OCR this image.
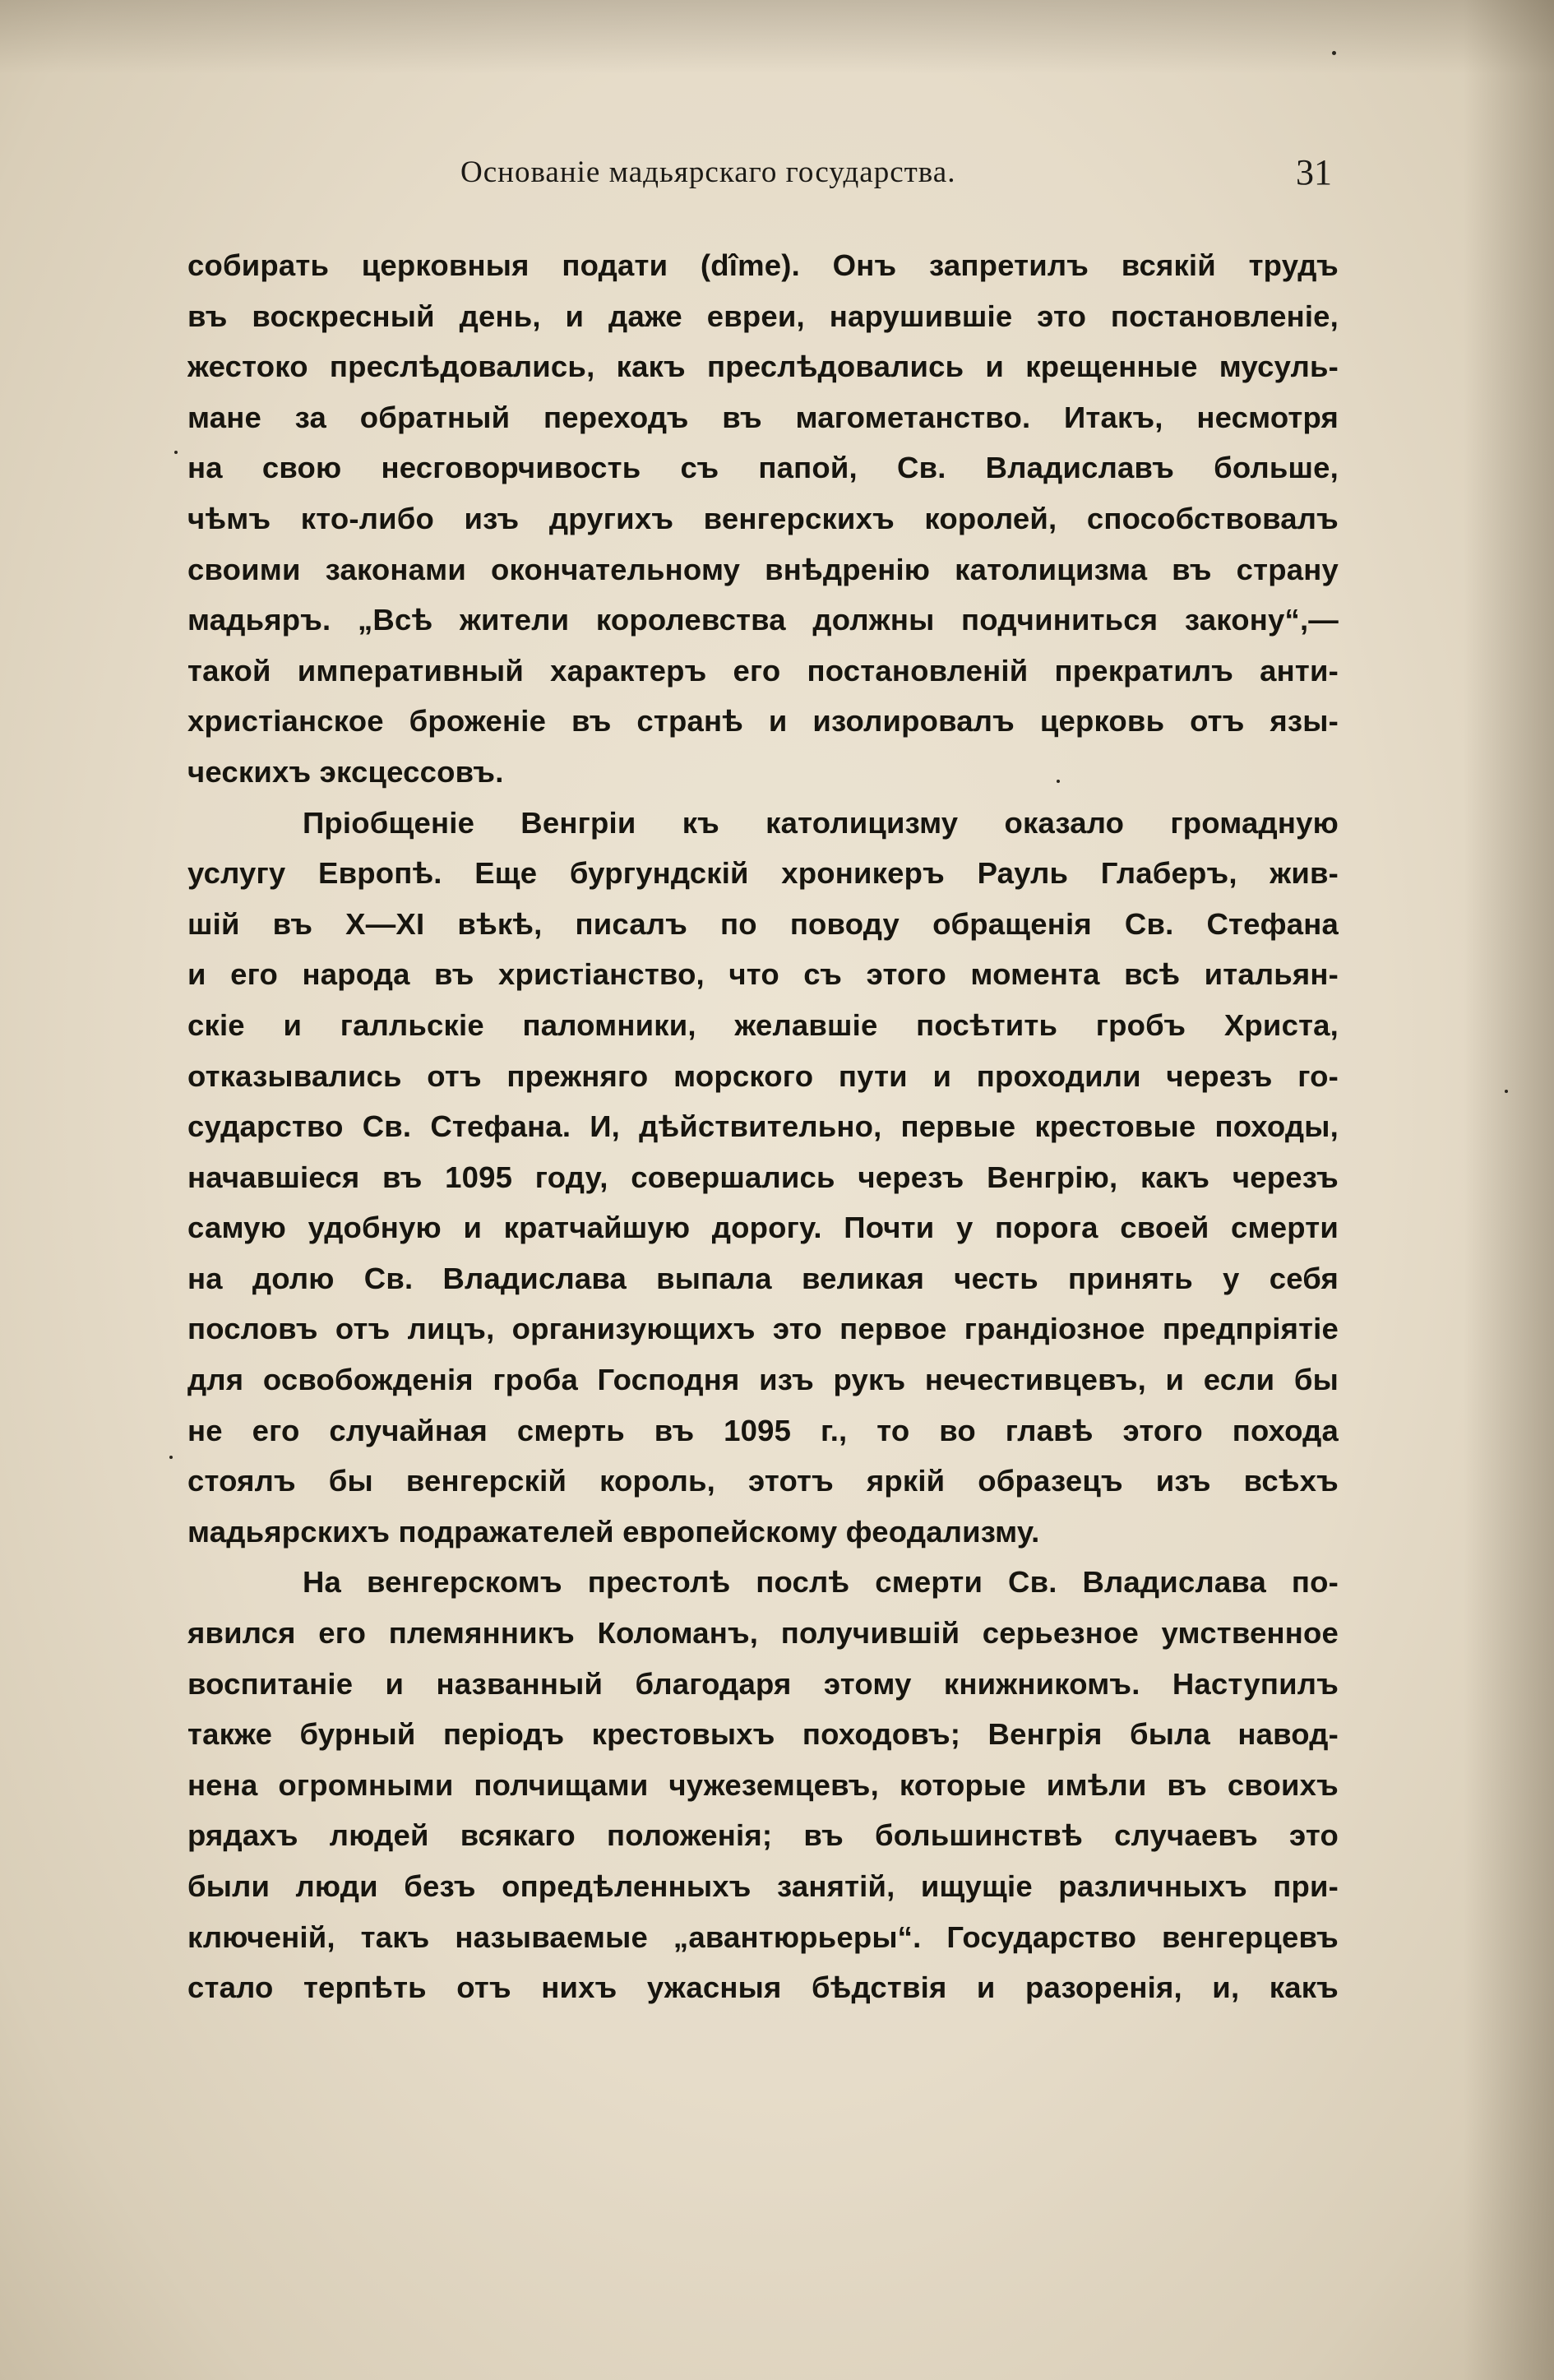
Основаніе мадьярскаго государства.	31
собирать церковныя подати (dîme). Онъ запретилъ всякій трудъ
въ воскресный день, и даже евреи, нарушившіе это постановленіе,
жестоко преслѣдовались, какъ преслѣдовались и крещенные мусуль-
мане за обратный переходъ въ магометанство. Итакъ, несмотря
на свою несговорчивость съ папой, Св. Владиславъ больше,
чѣмъ кто-либо изъ другихъ венгерскихъ королей, способствовалъ
своими законами окончательному внѣдренію католицизма въ страну
мадьяръ. „Всѣ жители королевства должны подчиниться закону“,—
такой императивный характеръ его постановленій прекратилъ анти-
христіанское броженіе въ странѣ и изолировалъ церковь отъ язы-
ческихъ эксцессовъ.
Пріобщеніе Венгріи къ католицизму оказало громадную
услугу Европѣ. Еще бургундскій хроникеръ Рауль Глаберъ, жив-
шій въ X—XI вѣкѣ, писалъ по поводу обращенія Св. Стефана
и его народа въ христіанство, что съ этого момента всѣ итальян-
скіе и галльскіе паломники, желавшіе посѣтить гробъ Христа,
отказывались отъ прежняго морского пути и проходили черезъ го-
сударство Св. Стефана. И, дѣйствительно, первые крестовые походы,
начавшіеся въ 1095 году, совершались черезъ Венгрію, какъ черезъ
самую удобную и кратчайшую дорогу. Почти у порога своей смерти
на долю Св. Владислава выпала великая честь принять у себя
пословъ отъ лицъ, организующихъ это первое грандіозное предпріятіе
для освобожденія гроба Господня изъ рукъ нечестивцевъ, и если бы
не его случайная смерть въ 1095 г., то во главѣ этого похода
стоялъ бы венгерскій король, этотъ яркій образецъ изъ всѣхъ
мадьярскихъ подражателей европейскому феодализму.
На венгерскомъ престолѣ послѣ смерти Св. Владислава по-
явился его племянникъ Коломанъ, получившій серьезное умственное
воспитаніе и названный благодаря этому книжникомъ. Наступилъ
также бурный періодъ крестовыхъ походовъ; Венгрія была навод-
нена огромными полчищами чужеземцевъ, которые имѣли въ своихъ
рядахъ людей всякаго положенія; въ большинствѣ случаевъ это
были люди безъ опредѣленныхъ занятій, ищущіе различныхъ при-
ключеній, такъ называемые „авантюрьеры“. Государство венгерцевъ
стало терпѣть отъ нихъ ужасныя бѣдствія и разоренія, и, какъ
